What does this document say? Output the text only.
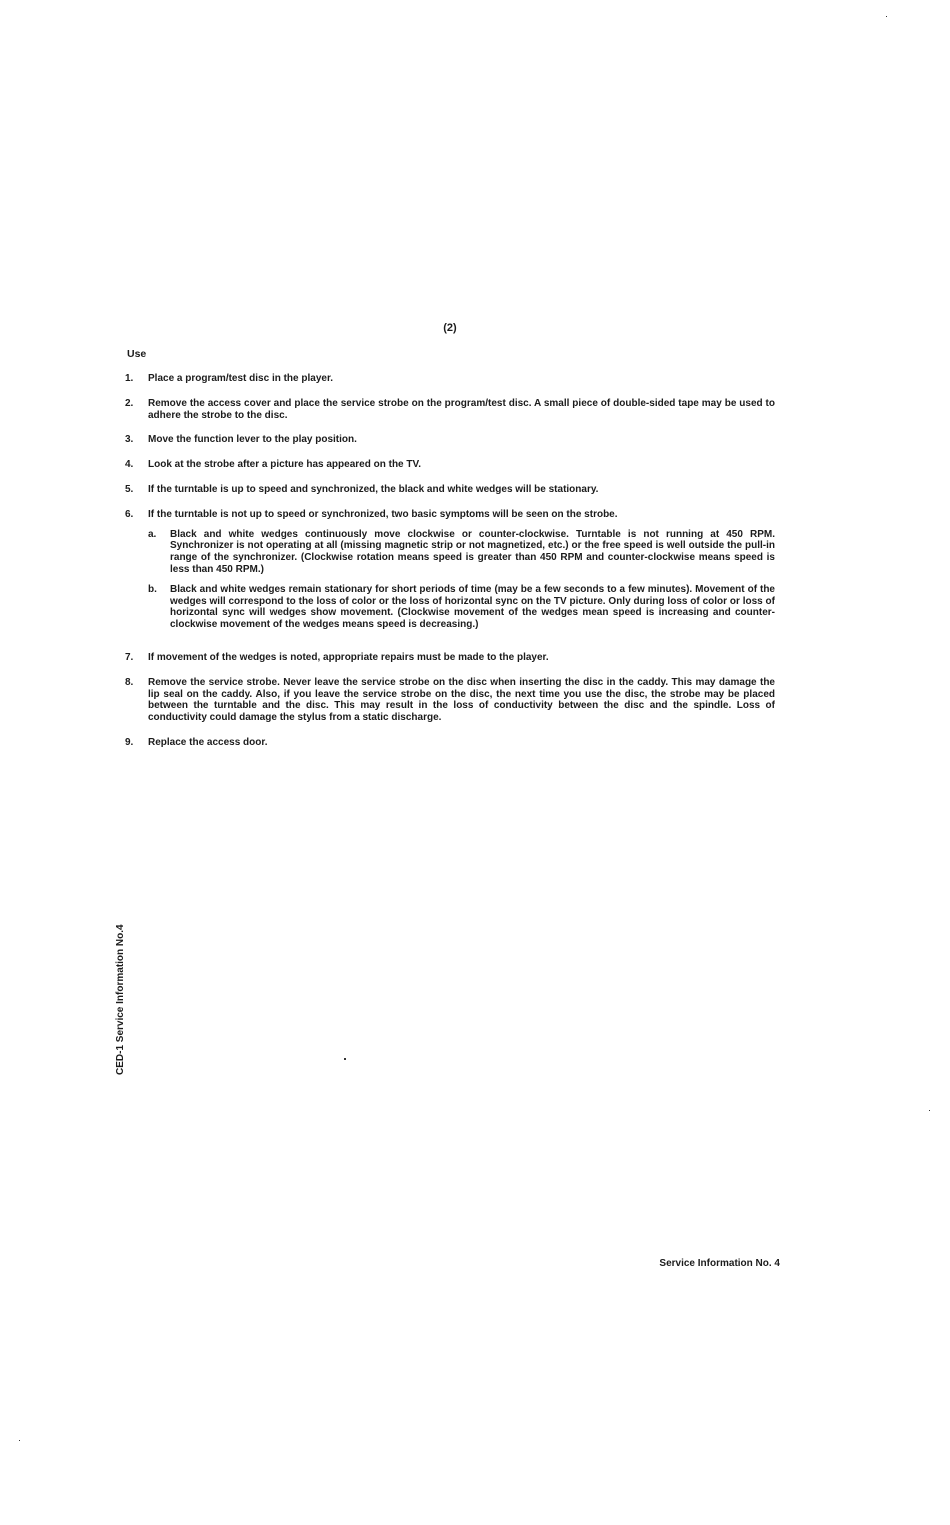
(2)
Use
1.	Place a program/test disc in the player.
2.	Remove the access cover and place the service strobe on the program/test disc. A small piece of double-sided tape may be used to adhere the strobe to the disc.
3.	Move the function lever to the play position.
4.	Look at the strobe after a picture has appeared on the TV.
5.	If the turntable is up to speed and synchronized, the black and white wedges will be stationary.
6.	If the turntable is not up to speed or synchronized, two basic symptoms will be seen on the strobe.
a.	Black and white wedges continuously move clockwise or counter-clockwise. Turntable is not running at 450 RPM. Synchronizer is not operating at all (missing magnetic strip or not magnetized, etc.) or the free speed is well outside the pull-in range of the synchronizer. (Clockwise rotation means speed is greater than 450 RPM and counter-clockwise means speed is less than 450 RPM.)
b.	Black and white wedges remain stationary for short periods of time (may be a few seconds to a few minutes). Movement of the wedges will correspond to the loss of color or the loss of horizontal sync on the TV picture. Only during loss of color or loss of horizontal sync will wedges show movement. (Clockwise movement of the wedges mean speed is increasing and counter-clockwise movement of the wedges means speed is decreasing.)
7.	If movement of the wedges is noted, appropriate repairs must be made to the player.
8.	Remove the service strobe. Never leave the service strobe on the disc when inserting the disc in the caddy. This may damage the lip seal on the caddy. Also, if you leave the service strobe on the disc, the next time you use the disc, the strobe may be placed between the turntable and the disc. This may result in the loss of conductivity between the disc and the spindle. Loss of conductivity could damage the stylus from a static discharge.
9.	Replace the access door.
CED-1 Service Information No.4
Service Information No. 4
